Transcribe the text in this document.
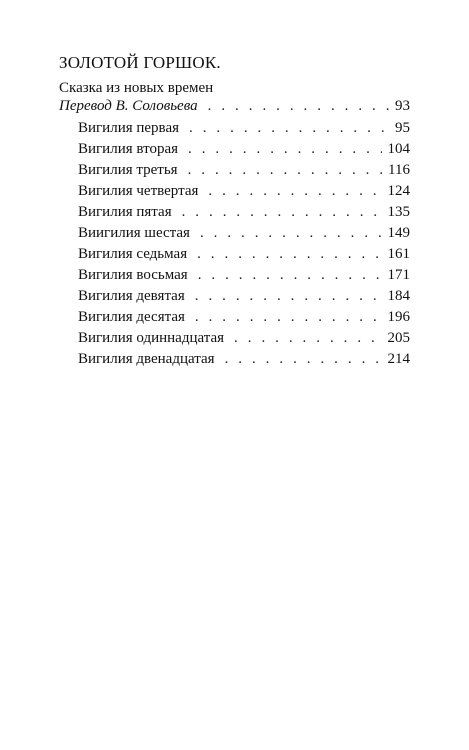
ЗОЛОТОЙ ГОРШОК.
Сказка из новых времен
Перевод В. Соловьева . . .	93
Вигилия первая . . .	95
Вигилия вторая . . .	104
Вигилия третья . . .	116
Вигилия четвертая . . .	124
Вигилия пятая . . .	135
Виигилия шестая . . .	149
Вигилия седьмая . . .	161
Вигилия восьмая . . .	171
Вигилия девятая . . .	184
Вигилия десятая . . .	196
Вигилия одиннадцатая . . .	205
Вигилия двенадцатая . . .	214
